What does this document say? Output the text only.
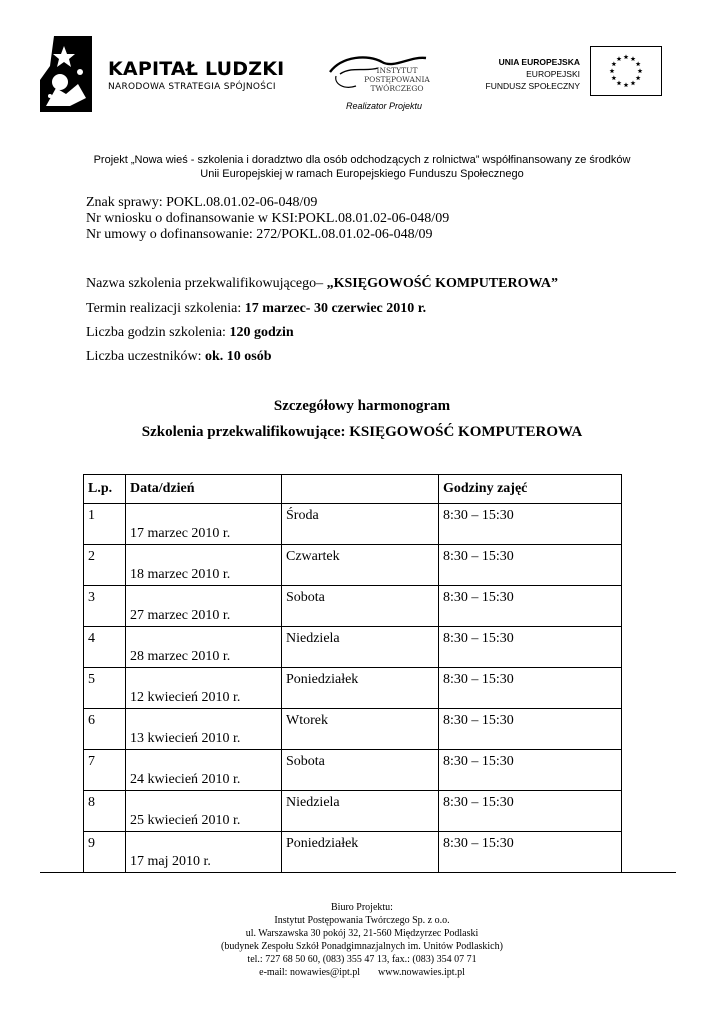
KAPITAŁ LUDZKI
NARODOWA STRATEGIA SPÓJNOŚCI
INSTYTUT
POSTĘPOWANIA
TWÓRCZEGO
Realizator Projektu
UNIA EUROPEJSKA
EUROPEJSKI
FUNDUSZ SPOŁECZNY
Projekt „Nowa wieś - szkolenia i doradztwo dla osób odchodzących z rolnictwa” współfinansowany ze środków
Unii Europejskiej w ramach Europejskiego Funduszu Społecznego
Znak sprawy: POKL.08.01.02-06-048/09
Nr wniosku o dofinansowanie w KSI:POKL.08.01.02-06-048/09
Nr umowy o dofinansowanie: 272/POKL.08.01.02-06-048/09
Nazwa szkolenia przekwalifikowującego– „KSIĘGOWOŚĆ KOMPUTEROWA”
Termin realizacji szkolenia: 17 marzec- 30 czerwiec 2010 r.
Liczba godzin szkolenia: 120 godzin
Liczba uczestników: ok. 10 osób
Szczegółowy harmonogram
Szkolenia przekwalifikowujące: KSIĘGOWOŚĆ KOMPUTEROWA
L.p.	Data/dzień		Godziny zajęć

1	17 marzec 2010 r.	Środa	8:30 – 15:30

2	18 marzec 2010 r.	Czwartek	8:30 – 15:30

3	27 marzec 2010 r.	Sobota	8:30 – 15:30

4	28 marzec 2010 r.	Niedziela	8:30 – 15:30

5	12 kwiecień 2010 r.	Poniedziałek	8:30 – 15:30

6	13 kwiecień 2010 r.	Wtorek	8:30 – 15:30

7	24 kwiecień 2010 r.	Sobota	8:30 – 15:30

8	25 kwiecień 2010 r.	Niedziela	8:30 – 15:30

9	17 maj 2010 r.	Poniedziałek	8:30 – 15:30
Biuro Projektu:
Instytut Postępowania Twórczego Sp. z o.o.
ul. Warszawska 30 pokój 32, 21-560 Międzyrzec Podlaski
(budynek Zespołu Szkół Ponadgimnazjalnych im. Unitów Podlaskich)
tel.: 727 68 50 60, (083) 355 47 13, fax.: (083) 354 07 71
e-mail: nowawies@ipt.pl www.nowawies.ipt.pl
